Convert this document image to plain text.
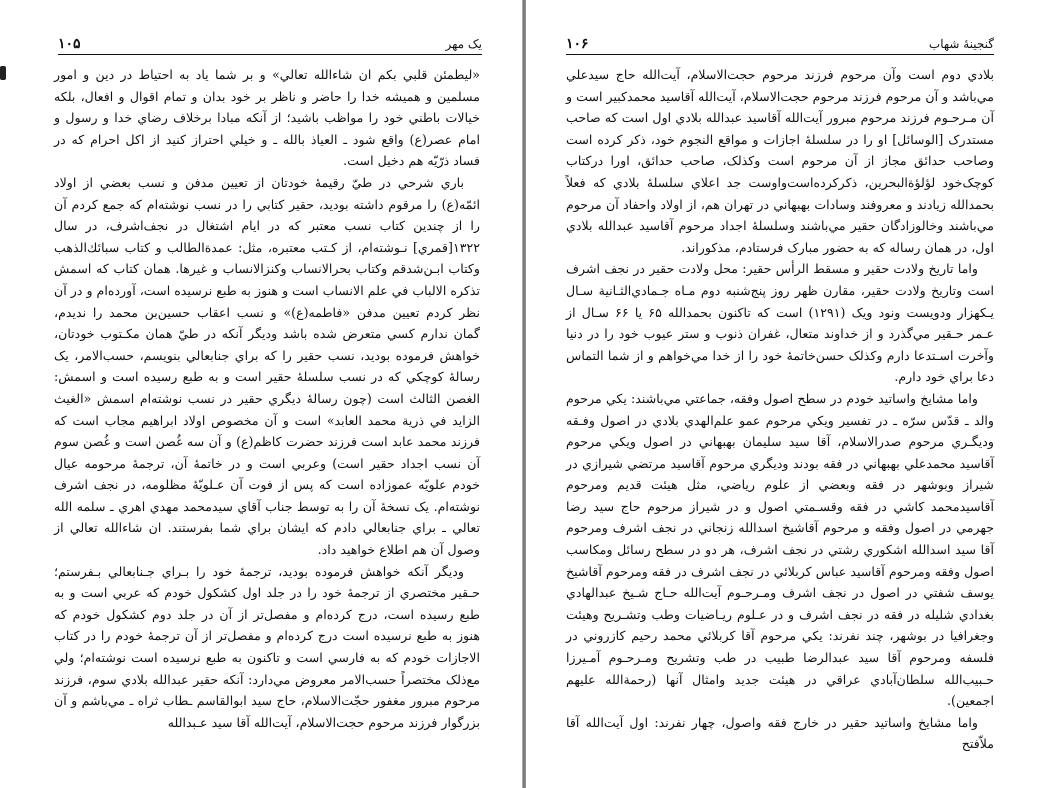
يک مهر
۱۰۵

«ليطمئن قلبي بكم ان شاءالله تعالي» و بر شما ياد به احتياط در دين و امور مسلمين و هميشه خدا را حاضر و ناظر بر خود بدان و تمام اقوال و افعال، بلكه خيالات باطني خود را مواظب باشيد؛ از آنكه مبادا برخلاف رضاي خدا و رسول و امام عصر(ع) واقع شود ـ العياذ بالله ـ و خيلي احتراز كنيد از اكل احرام كه در فساد ذرّيّه هم دخيل است.

باري شرحي در طيّ رقيمهٔ خودتان از تعيين مدفن و نسب بعضي از اولاد ائمّه(ع) را مرقوم داشته بوديد، حقير كتابي را در نسب نوشته‌ام كه جمع كردم آن را از چندين كتاب نسب معتبر كه در ايام اشتغال در نجف‌اشرف، در سال ۱۳۲۲[قمري] نـوشته‌ام، از كـتب معتبره، مثل: عمدة‌الطالب و كتاب سبائك‌الذهب وكتاب ابـن‌شدقم وكتاب بحرالانساب وكنزالانساب و غيرها. همان كتاب كه اسمش تذكره الالباب في علم الانساب است و هنوز به طبع نرسيده است، آورده‌ام و در آن نظر كردم تعيين مدفن «فاطمه(ع)» و نسب اعقاب حسين‌بن محمد را نديدم، گمان ندارم كسي متعرض شده باشد وديگر آنكه در طيّ همان مكـتوب خودتان، خواهش فرموده بوديد، نسب حقير را كه براي جنابعالي بنويسم، حسب‌الامر، يک رسالهٔ كوچكي كه در نسب سلسلهٔ حقير است و به طبع رسيده است و اسمش: الغصن الثالث است (چون رسالهٔ ديگري حقير در نسب نوشته‌ام اسمش «الغيث الزايد في ذرية محمد العابد» است و آن مخصوص اولاد ابراهيم مجاب است كه فرزند محمد عابد است فرزند حضرت كاظم(ع) و آن سه غُصن است و غُصن سوم آن نسب اجداد حقير است) وعربي است و در خاتمهٔ آن، ترجمهٔ مرحومه عيال خودم علويّه عموزاده است كه پس از فوت آن عـلويّهٔ مظلومه، در نجف اشرف نوشته‌ام. يک نسخهٔ آن را به توسط جناب آقاي سيدمحمد مهدي اهري ـ سلمه الله تعالي ـ براي جنابعالي دادم كه ايشان براي شما بفرستند. ان شاءالله تعالي از وصول آن هم اطلاع خواهيد داد.

وديگر آنكه خواهش فرموده بوديد، ترجمهٔ خود را بـراي جـنابعالي بـفرستم؛ حـقير مختصري از ترجمهٔ خود را در جلد اول كشكول خودم كه عربي است و به طبع رسيده است، درج كرده‌ام و مفصل‌تر از آن در جلد دوم كشكول خودم كه هنوز به طبع نرسيده است درج كرده‌ام و مفصل‌تر از آن ترجمهٔ خودم را در كتاب الاجازات خودم كه به فارسي است و تاكنون به طبع نرسيده است نوشته‌ام؛ ولي مع‌ذلک مختصراً حسب‌الامر معروض مي‌دارد: آنكه حقير عبدالله بلادي سوم، فرزند مرحوم مبرور مغفور حجّت‌الاسلام، حاج سيد ابوالقاسم ـطاب ثراه ـ مي‌باشم و آن بزرگوار فرزند مرحوم حجت‌الاسلام، آيت‌الله آقا سيد عـبدالله

گنجينهٔ شهاب
۱۰۶

بلادي دوم است وآن مرحوم فرزند مرحوم حجت‌الاسلام، آيت‌الله حاج سيدعلي مي‌باشد و آن مرحوم فرزند مرحوم حجت‌الاسلام، آيت‌الله آقاسيد محمدكبير است و آن مـرحـوم فرزند مرحوم مبرور آيت‌الله آقاسيد عبدالله بلادي اول است كه صاحب مستدرک [الوسائل] او را در سلسلهٔ اجازات و مواقع النجوم خود، ذكر كرده است وصاحب حدائق مجاز از آن مرحوم است وكذلک، صاحب حدائق، اورا دركتاب كوچک‌خود لؤلؤة‌البحرين، ذكركرده‌است‌واوست جد اعلاي سلسلهٔ بلادي كه فعلاً بحمدالله زيادند و معروفند وسادات بهبهاني در تهران هم، از اولاد واحفاد آن مرحوم مي‌باشند وخالوزادگان حقير مي‌باشند وسلسلهٔ اجداد مرحوم آقاسيد عبدالله بلادي اول، در همان رساله كه به حضور مبارک فرستادم، مذكوراند.

واما تاريخ ولادت حقير و مسقط الرأس حقير: محل ولادت حقير در نجف اشرف است وتاريخ ولادت حقير، مقارن ظهر روز پنج‌شنبه دوم مـاه جـمادي‌الثـانية سـال يـكهزار ودويست ونود ويک (۱۲۹۱) است كه تاكنون بحمدالله ۶۵ يا ۶۶ سـال از عـمر حـقير مي‌گذرد و از خداوند متعال، غفران ذنوب و ستر عيوب خود را در دنيا وآخرت اسـتدعا دارم وكذلک حسن‌خاتمهٔ خود را از خدا مي‌خواهم و از شما التماس دعا براي خود دارم.

واما مشايخ واساتيد خودم در سطح اصول وفقه، جماعتي مي‌باشند: يكي مرحوم والد ـ قدّس سرّه ـ در تفسير ويكي مرحوم عمو علم‌الهدي بلادي در اصول وفـقه وديگـري مرحوم صدرالاسلام، آقا سيد سليمان بهبهاني در اصول ويكي مرحوم آقاسيد محمدعلي بهبهاني در فقه بودند وديگري مرحوم آقاسيد مرتضي شيرازي در شيراز وبوشهر در فقه وبعضي از علوم رياضي، مثل هيئت قديم ومرحوم آقاسيدمحمد كاشي در فقه وقسـمتي اصول و در شيراز مرحوم حاج سيد رضا جهرمي در اصول وفقه و مرحوم آقاشيخ اسدالله زنجاني در نجف اشرف ومرحوم آقا سيد اسدالله اشكوري رشتي در نجف اشرف، هر دو در سطح رسائل ومكاسب اصول وفقه ومرحوم آقاسيد عباس كربلائي در نجف اشرف در فقه ومرحوم آقاشيخ يوسف شفتي در اصول در نجف اشرف ومـرحـوم آيت‌الله حـاج شـيخ عبدالهادي بغدادي شليله در فقه در نجف اشرف و در عـلوم ريـاضيات وطب وتشـريح وهيئت وجغرافيا در بوشهر، چند نفرند: يكي مرحوم آقا كربلائي محمد رحيم كازروني در فلسفه ومرحوم آقا سيد عبدالرضا طبيب در طب وتشريح ومـرحـوم آمـيرزا حـبيب‌الله سلطان‌آبادي عراقي در هيئت جديد وامثال آنها (رحمةالله عليهم اجمعين).

واما مشايخ واساتيد حقير در خارج فقه واصول، چهار نفرند: اول آيت‌الله آقا ملاّفتح
